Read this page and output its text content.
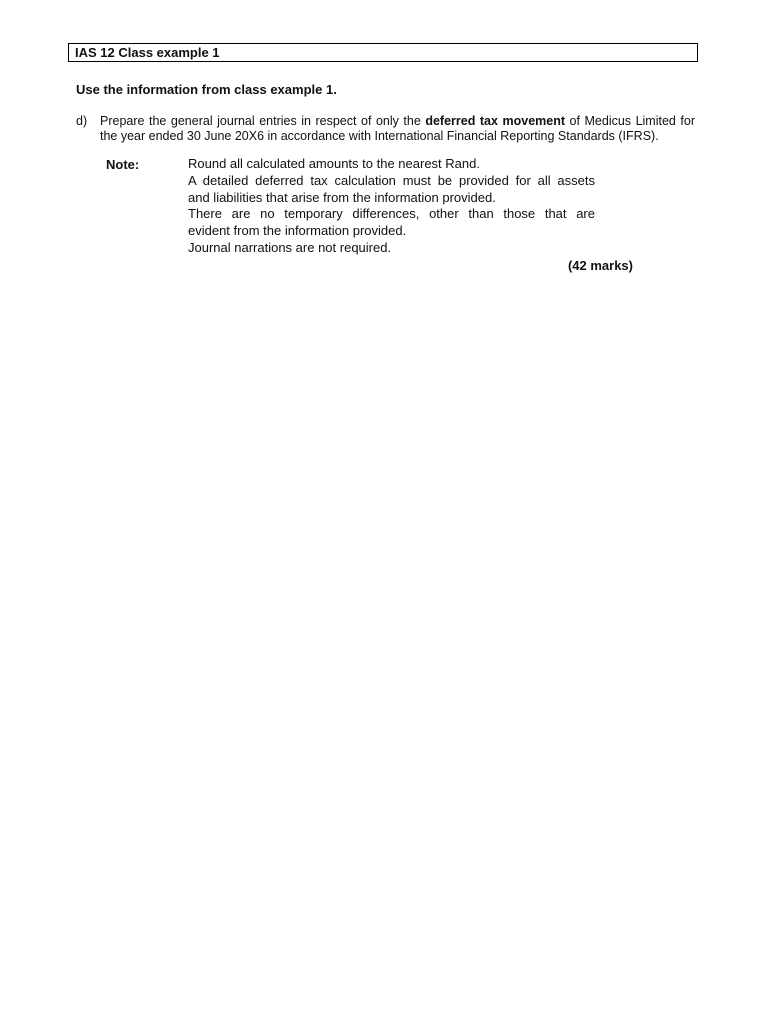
IAS 12 Class example 1
Use the information from class example 1.
d) Prepare the general journal entries in respect of only the deferred tax movement of Medicus Limited for the year ended 30 June 20X6 in accordance with International Financial Reporting Standards (IFRS).
Note:	Round all calculated amounts to the nearest Rand.
A detailed deferred tax calculation must be provided for all assets
and liabilities that arise from the information provided.
There are no temporary differences, other than those that are
evident from the information provided.
Journal narrations are not required.
(42 marks)
